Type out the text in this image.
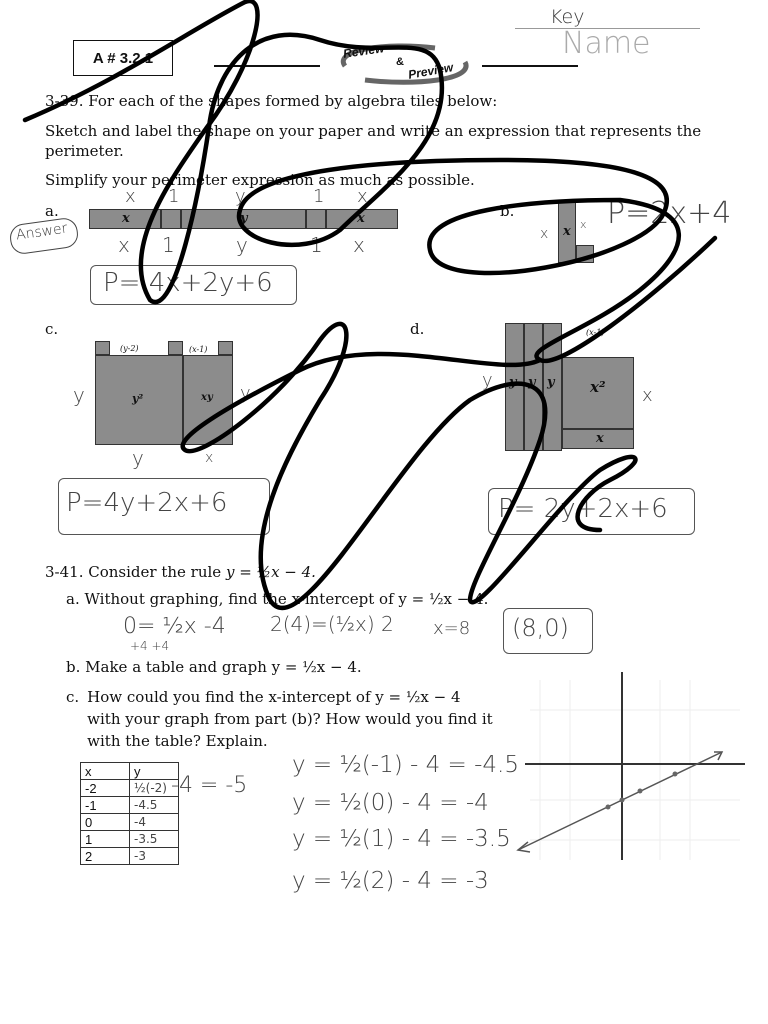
A # 3.2.1	Review
& Preview
Key
Name
3-39. For each of the shapes formed by algebra tiles below:
Sketch and label the shape on your paper and write an expression that represents the perimeter.
Simplify your perimeter expression as much as possible.
a.
Answer
x	y	x
x 1	y	1 x
x 1	y	1 x
P= 4x+2y+6
b.
x
x
x P=2x+4
c.
(y-2)	(x-1)
y²	xy
y	y
y	x
P=4y+2x+6
d.	(x-1)
y y y x²
x
y
x
P= 2y+2x+6
3-41. Consider the rule y = ½x − 4.
a. Without graphing, find the x-intercept of y = ½x − 4.
0= ½x -4
+4 +4
2(4)=(½x) 2 x=8 (8,0)
b. Make a table and graph y = ½x − 4.
c. How could you find the x-intercept of y = ½x − 4 with your graph from part (b)? How would you find it with the table? Explain.
x	y
-2	½(-2)
-1	-4.5
0	-4
1	-3.5
2	-3
-4 = -5
y = ½(-1) - 4 = -4.5
y = ½(0) - 4 = -4
y = ½(1) - 4 = -3.5
y = ½(2) - 4 = -3
